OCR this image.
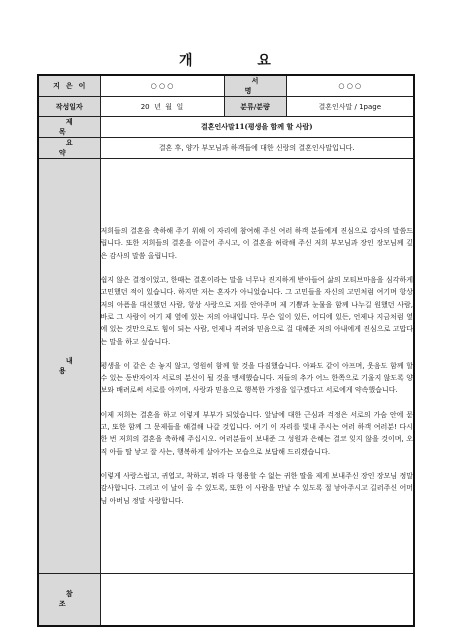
개 요
지은이	○ ○ ○	서 명	○ ○ ○
작성일자	20  년  월  일	분류/분량	결혼인사말 / 1page
제 목	결혼인사말11(평생을 함께 할 사람)		
요 약	결혼 후, 양가 부모님과 하객들에 대한 신랑의 결혼인사말입니다.		
내 용	저희들의 결혼을 축하해 주기 위해 이 자리에 참여해 주신 여러 하객 분들에게 진심으로 감사의 말씀드립니다. 또한 저희들의 결혼을 이끌어 주시고, 이 결혼을 허락해 주신 저희 부모님과 장인 장모님께 깊은 감사의 말씀 올립니다.

쉽지 않은 결정이었고, 한때는 결혼이라는 말을 너무나 진지하게 받아들여 삶의 모티브마음을 심각하게 고민했던 적이 있습니다. 하지만 저는 혼자가 아니었습니다. 그 고민들을 자신의 고민처럼 여기며 항상 저의 아픔을 대신했던 사람, 항상 사랑으로 저를 안아주며 제 기쁨과 눈물을 함께 나누길 원했던 사람, 바로 그 사람이 여기 제 옆에 있는 저의 아내입니다. 무슨 일이 있든, 어디에 있든, 언제나 지금처럼 옆에 있는 것만으로도 힘이 되는 사람, 언제나 격려와 믿음으로 걸 대해준 저의 아내에게 진심으로 고맙다는 말을 하고 싶습니다.

평생을 이 같은 손 놓지 않고, 영원히 함께 할 것을 다짐했습니다. 아파도 같이 아프며, 웃음도 함께 할 수 있는 동반자이자 서로의 분신이 될 것을 맹세했습니다. 저들의 추가 어느 한쪽으로 기울지 않도록 양보와 배려로써 서로를 아끼며, 사랑과 믿음으로 행복한 가정을 일구겠다고 서로에게 약속했습니다.

이제 저희는 결혼을 하고 이렇게 부부가 되었습니다. 앞날에 대한 근심과 걱정은 서로의 가슴 안에 묻고, 또한 함께 그 문제들을 해결해 나갈 것입니다. 여기 이 자리를 빛내 주시는 여러 하객 여러분! 다시 한 번 저희의 결혼을 축하해 주십시오. 여러분들이 보내준 그 성원과 은혜는 결코 잊지 않을 것이며, 오직 아들 딸 낳고 잘 사는, 행복하게 살아가는 모습으로 보답해 드리겠습니다.

이렇게 사랑스럽고, 귀엽고, 착하고, 뭐라 다 형용할 수 없는 귀한 딸을 제게 보내주신 장인 장모님 정말 감사합니다. 그리고 이 날이 올 수 있도록, 또한 이 사람을 만날 수 있도록 절 낳아주시고 길러주신 어머님 아버님 정말 사랑합니다.		

참 조			
